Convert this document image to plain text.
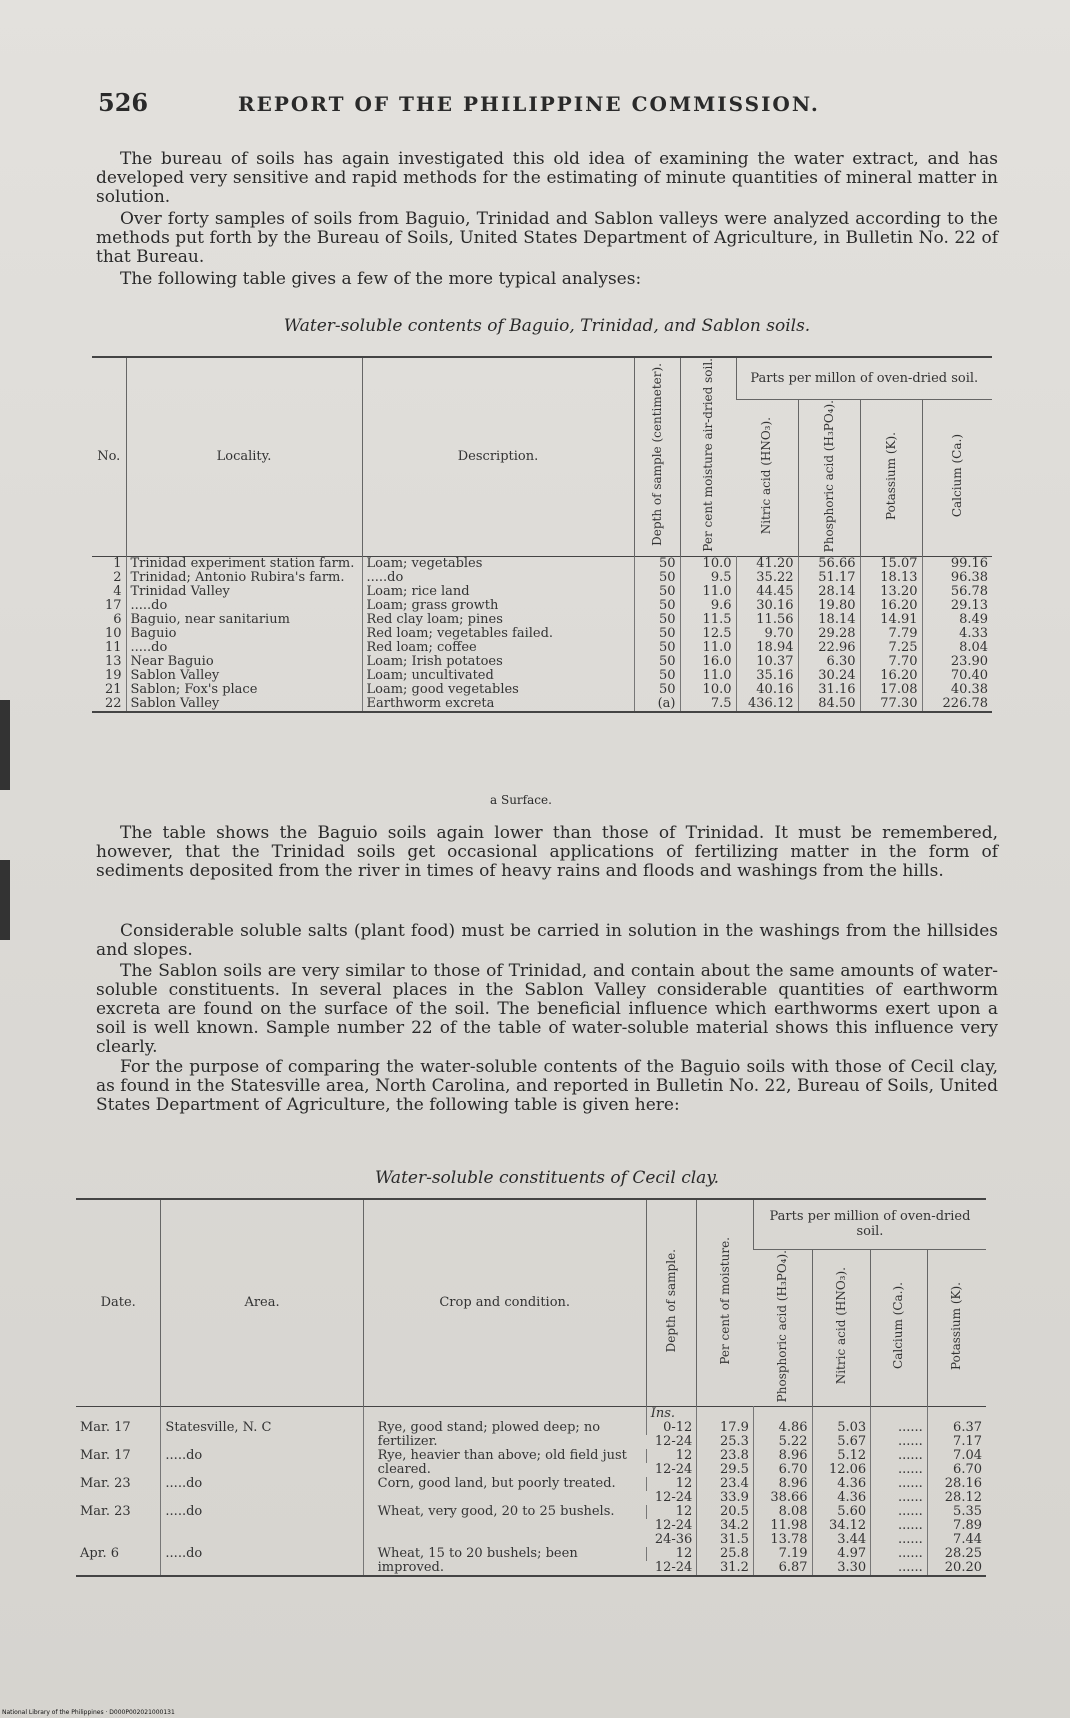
526	REPORT OF THE PHILIPPINE COMMISSION.

The bureau of soils has again investigated this old idea of examining the water extract, and has developed very sensitive and rapid methods for the estimating of minute quantities of mineral matter in solution.

Over forty samples of soils from Baguio, Trinidad and Sablon valleys were analyzed according to the methods put forth by the Bureau of Soils, United States Department of Agriculture, in Bulletin No. 22 of that Bureau.

The following table gives a few of the more typical analyses:

Water-soluble contents of Baguio, Trinidad, and Sablon soils.
No.	Locality.	Description.	Depth of sample (centimeter).	Per cent moisture air-dried soil.	Parts per millon of oven-dried soil.			
					Nitric acid (HNO₃).	Phosphoric acid (H₃PO₄).	Potassium (K).	Calcium (Ca.)
1	Trinidad experiment station farm.	Loam; vegetables	50	10.0	41.20	56.66	15.07	99.16
2	Trinidad; Antonio Rubira's farm.	.....do	50	9.5	35.22	51.17	18.13	96.38
4	Trinidad Valley	Loam; rice land	50	11.0	44.45	28.14	13.20	56.78
17	.....do	Loam; grass growth	50	9.6	30.16	19.80	16.20	29.13
6	Baguio, near sanitarium	Red clay loam; pines	50	11.5	11.56	18.14	14.91	8.49
10	Baguio	Red loam; vegetables failed.	50	12.5	9.70	29.28	7.79	4.33
11	.....do	Red loam; coffee	50	11.0	18.94	22.96	7.25	8.04
13	Near Baguio	Loam; Irish potatoes	50	16.0	10.37	6.30	7.70	23.90
19	Sablon Valley	Loam; uncultivated	50	11.0	35.16	30.24	16.20	70.40
21	Sablon; Fox's place	Loam; good vegetables	50	10.0	40.16	31.16	17.08	40.38
22	Sablon Valley	Earthworm excreta	(a)	7.5	436.12	84.50	77.30	226.78
a Surface.

The table shows the Baguio soils again lower than those of Trinidad. It must be remembered, however, that the Trinidad soils get occasional applications of fertilizing matter in the form of sediments deposited from the river in times of heavy rains and floods and washings from the hills.

Considerable soluble salts (plant food) must be carried in solution in the washings from the hillsides and slopes.

The Sablon soils are very similar to those of Trinidad, and contain about the same amounts of water-soluble constituents. In several places in the Sablon Valley considerable quantities of earthworm excreta are found on the surface of the soil. The beneficial influence which earthworms exert upon a soil is well known. Sample number 22 of the table of water-soluble material shows this influence very clearly.

For the purpose of comparing the water-soluble contents of the Baguio soils with those of Cecil clay, as found in the Statesville area, North Carolina, and reported in Bulletin No. 22, Bureau of Soils, United States Department of Agriculture, the following table is given here:

Water-soluble constituents of Cecil clay.
Date.	Area.	Crop and condition.	Depth of sample.	Per cent of moisture.	Parts per million of oven-dried soil.			
					Phosphoric acid (H₃PO₄).	Nitric acid (HNO₃).	Calcium (Ca.).	Potassium (K).
			Ins.					
Mar. 17	Statesville, N. C	Rye, good stand; plowed deep; no fertilizer.	0-12	17.9	4.86	5.03	......	6.37
			12-24	25.3	5.22	5.67	......	7.17
Mar. 17	.....do	Rye, heavier than above; old field just cleared.	12	23.8	8.96	5.12	......	7.04
			12-24	29.5	6.70	12.06	......	6.70
Mar. 23	.....do	Corn, good land, but poorly treated.	12	23.4	8.96	4.36	......	28.16
			12-24	33.9	38.66	4.36	......	28.12
Mar. 23	.....do	Wheat, very good, 20 to 25 bushels.	12	20.5	8.08	5.60	......	5.35
			12-24	34.2	11.98	34.12	......	7.89
			24-36	31.5	13.78	3.44	......	7.44
Apr. 6	.....do	Wheat, 15 to 20 bushels; been improved.	12	25.8	7.19	4.97	......	28.25
			12-24	31.2	6.87	3.30	......	20.20
National Library of the Philippines · D000P002021000131
